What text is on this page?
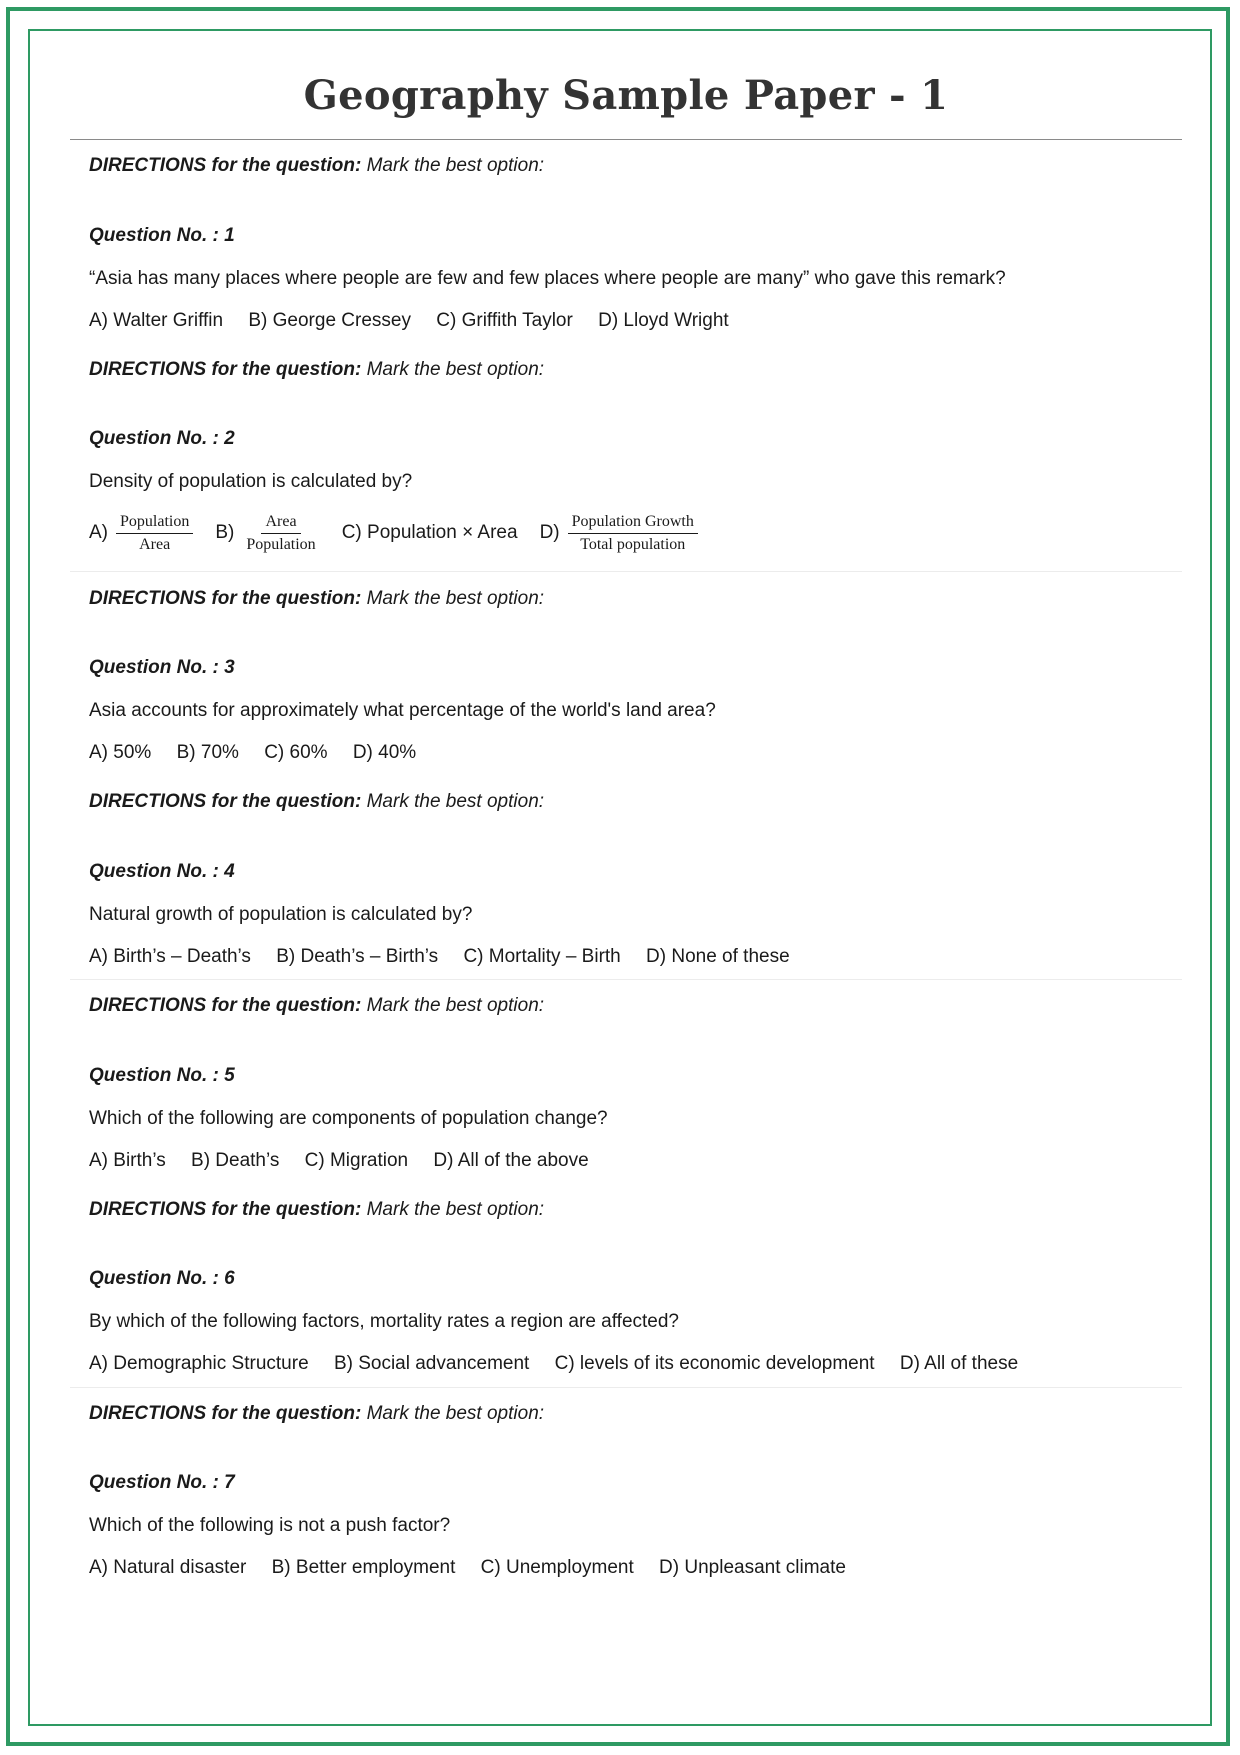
Geography Sample Paper - 1
DIRECTIONS for the question: Mark the best option:
Question No. : 1
“Asia has many places where people are few and few places where people are many” who gave this remark?
A) Walter Griffin B) George Cressey C) Griffith Taylor D) Lloyd Wright
DIRECTIONS for the question: Mark the best option:
Question No. : 2
Density of population is calculated by?
$A) \frac{\text{Population}}{\text{Area}} B) \frac{\text{Area}}{\text{Population}} C$) Population × Area $D) \frac{\text{Population Growth}}{\text{Total population}}$
DIRECTIONS for the question: Mark the best option:
Question No. : 3
Asia accounts for approximately what percentage of the world's land area?
A) 50% B) 70% C) 60% D) 40%
DIRECTIONS for the question: Mark the best option:
Question No. : 4
Natural growth of population is calculated by?
A) Birth’s – Death’s B) Death’s – Birth’s C) Mortality – Birth D) None of these
DIRECTIONS for the question: Mark the best option:
Question No. : 5
Which of the following are components of population change?
A) Birth’s B) Death’s C) Migration D) All of the above
DIRECTIONS for the question: Mark the best option:
Question No. : 6
By which of the following factors, mortality rates a region are affected?
A) Demographic Structure B) Social advancement C) levels of its economic development D) All of these
DIRECTIONS for the question: Mark the best option:
Question No. : 7
Which of the following is not a push factor?
A) Natural disaster B) Better employment C) Unemployment D) Unpleasant climate
